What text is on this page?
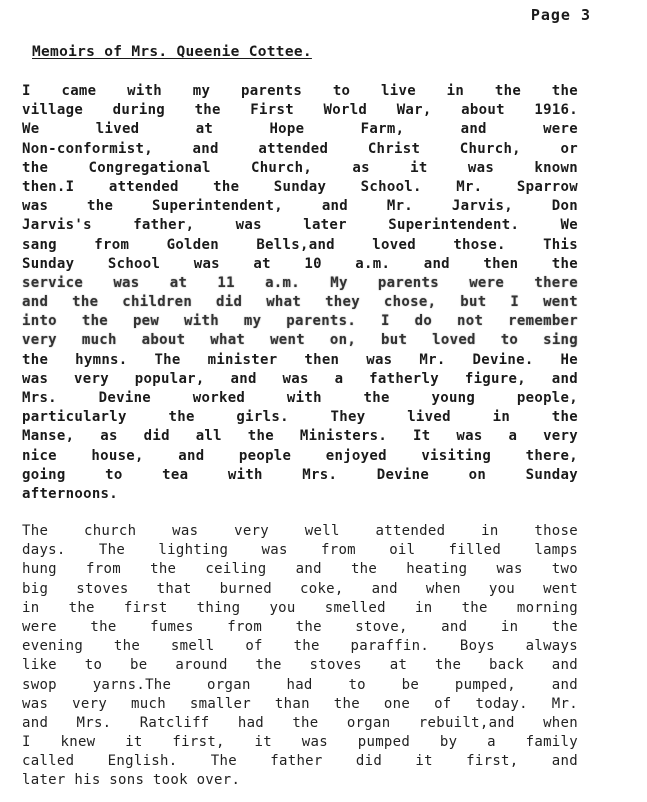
Page 3
Memoirs of Mrs. Queenie Cottee.
I came with my parents to live in the the
village during the First World War, about 1916.
We lived at Hope Farm, and were
Non-conformist, and attended Christ Church, or
the Congregational Church, as it was known
then.I attended the Sunday School. Mr. Sparrow
was the Superintendent, and Mr. Jarvis, Don
Jarvis's father, was later Superintendent. We
sang from Golden Bells,and loved those. This
Sunday School was at 10 a.m. and then the
service was at 11 a.m. My parents were there
and the children did what they chose, but I went
into the pew with my parents. I do not remember
very much about what went on, but loved to sing
the hymns. The minister then was Mr. Devine. He
was very popular, and was a fatherly figure, and
Mrs. Devine worked with the young people,
particularly the girls. They lived in the
Manse, as did all the Ministers. It was a very
nice house, and people enjoyed visiting there,
going to tea with Mrs. Devine on Sunday
afternoons.
The church was very well attended in those
days. The lighting was from oil filled lamps
hung from the ceiling and the heating was two
big stoves that burned coke, and when you went
in the first thing you smelled in the morning
were the fumes from the stove, and in the
evening the smell of the paraffin. Boys always
like to be around the stoves at the back and
swop yarns.The organ had to be pumped, and
was very much smaller than the one of today. Mr.
and Mrs. Ratcliff had the organ rebuilt,and when
I knew it first, it was pumped by a family
called English. The father did it first, and
later his sons took over.
